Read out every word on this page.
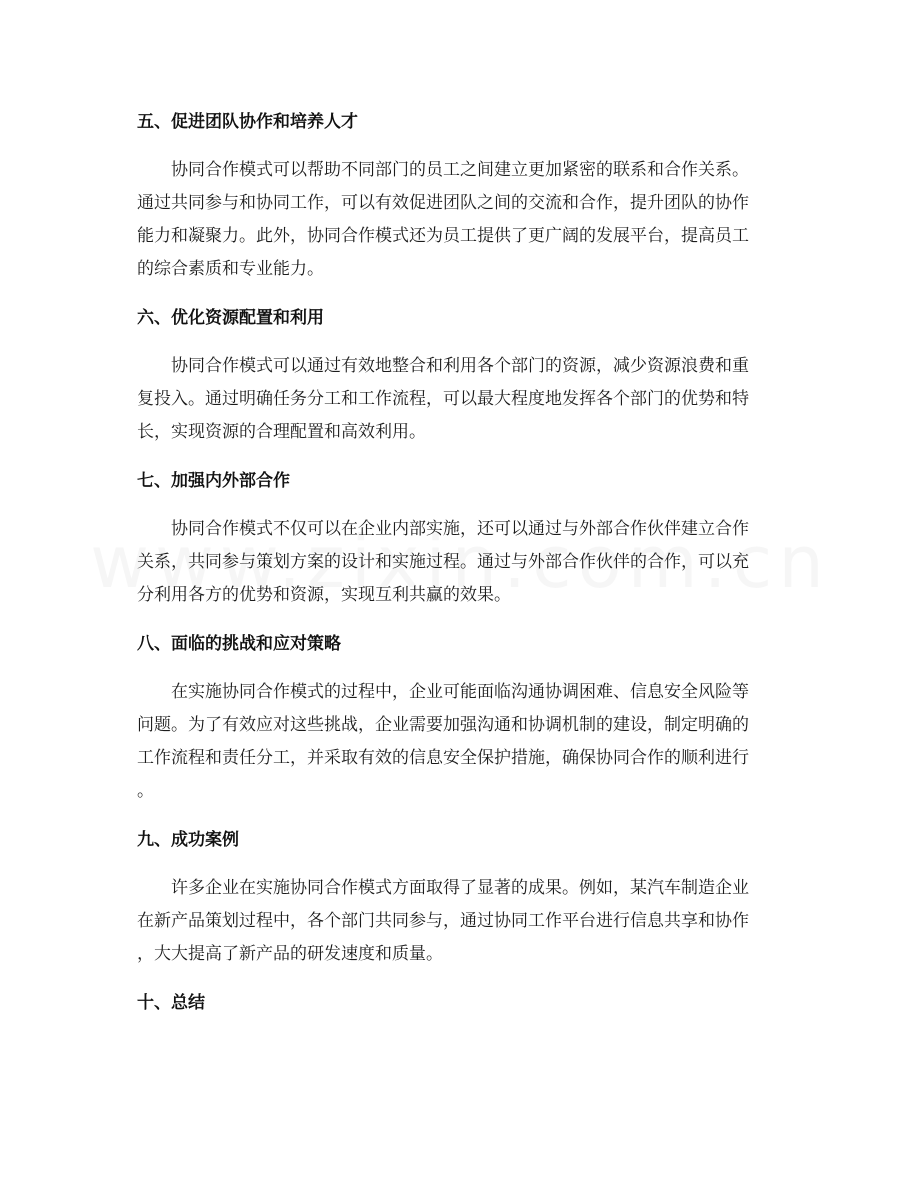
五、促进团队协作和培养人才
协同合作模式可以帮助不同部门的员工之间建立更加紧密的联系和合作关系。
通过共同参与和协同工作，可以有效促进团队之间的交流和合作，提升团队的协作
能力和凝聚力。此外，协同合作模式还为员工提供了更广阔的发展平台，提高员工
的综合素质和专业能力。
六、优化资源配置和利用
协同合作模式可以通过有效地整合和利用各个部门的资源，减少资源浪费和重
复投入。通过明确任务分工和工作流程，可以最大程度地发挥各个部门的优势和特
长，实现资源的合理配置和高效利用。
七、加强内外部合作
协同合作模式不仅可以在企业内部实施，还可以通过与外部合作伙伴建立合作
关系，共同参与策划方案的设计和实施过程。通过与外部合作伙伴的合作，可以充
分利用各方的优势和资源，实现互利共赢的效果。
八、面临的挑战和应对策略
在实施协同合作模式的过程中，企业可能面临沟通协调困难、信息安全风险等
问题。为了有效应对这些挑战，企业需要加强沟通和协调机制的建设，制定明确的
工作流程和责任分工，并采取有效的信息安全保护措施，确保协同合作的顺利进行
。
九、成功案例
许多企业在实施协同合作模式方面取得了显著的成果。例如，某汽车制造企业
在新产品策划过程中，各个部门共同参与，通过协同工作平台进行信息共享和协作
，大大提高了新产品的研发速度和质量。
十、总结
